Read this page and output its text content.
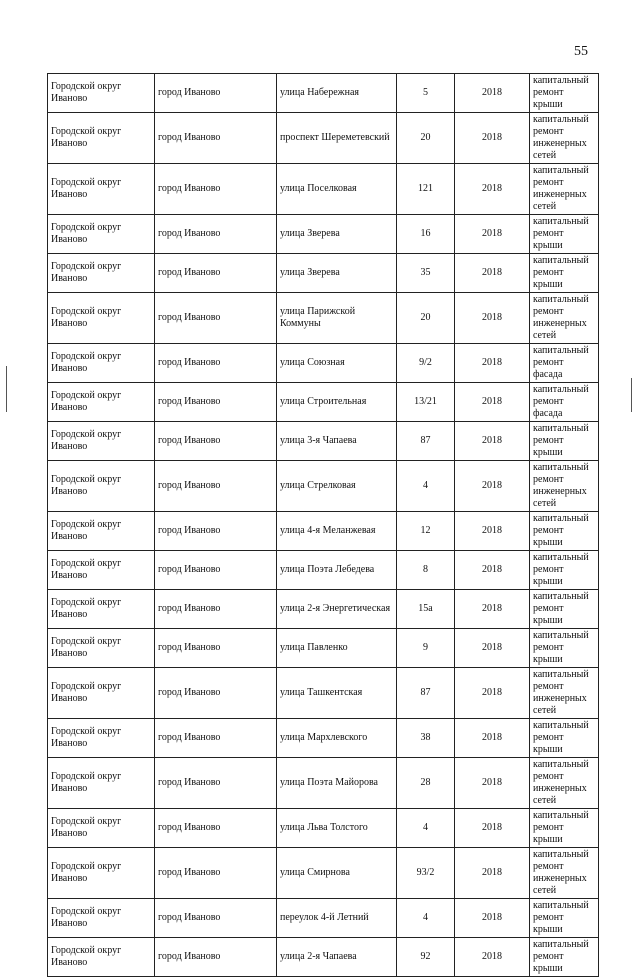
55
Городской округ Иваново	город Иваново	улица Набережная	5	2018	капитальный ремонт крыши
Городской округ Иваново	город Иваново	проспект Шереметевский	20	2018	капитальный ремонт инженерных сетей
Городской округ Иваново	город Иваново	улица Поселковая	121	2018	капитальный ремонт инженерных сетей
Городской округ Иваново	город Иваново	улица Зверева	16	2018	капитальный ремонт крыши
Городской округ Иваново	город Иваново	улица Зверева	35	2018	капитальный ремонт крыши
Городской округ Иваново	город Иваново	улица Парижской Коммуны	20	2018	капитальный ремонт инженерных сетей
Городской округ Иваново	город Иваново	улица Союзная	9/2	2018	капитальный ремонт фасада
Городской округ Иваново	город Иваново	улица Строительная	13/21	2018	капитальный ремонт фасада
Городской округ Иваново	город Иваново	улица 3-я Чапаева	87	2018	капитальный ремонт крыши
Городской округ Иваново	город Иваново	улица Стрелковая	4	2018	капитальный ремонт инженерных сетей
Городской округ Иваново	город Иваново	улица 4-я Меланжевая	12	2018	капитальный ремонт крыши
Городской округ Иваново	город Иваново	улица Поэта Лебедева	8	2018	капитальный ремонт крыши
Городской округ Иваново	город Иваново	улица 2-я Энергетическая	15а	2018	капитальный ремонт крыши
Городской округ Иваново	город Иваново	улица Павленко	9	2018	капитальный ремонт крыши
Городской округ Иваново	город Иваново	улица Ташкентская	87	2018	капитальный ремонт инженерных сетей
Городской округ Иваново	город Иваново	улица Мархлевского	38	2018	капитальный ремонт крыши
Городской округ Иваново	город Иваново	улица Поэта Майорова	28	2018	капитальный ремонт инженерных сетей
Городской округ Иваново	город Иваново	улица Льва Толстого	4	2018	капитальный ремонт крыши
Городской округ Иваново	город Иваново	улица Смирнова	93/2	2018	капитальный ремонт инженерных сетей
Городской округ Иваново	город Иваново	переулок 4-й Летний	4	2018	капитальный ремонт крыши
Городской округ Иваново	город Иваново	улица 2-я Чапаева	92	2018	капитальный ремонт крыши
